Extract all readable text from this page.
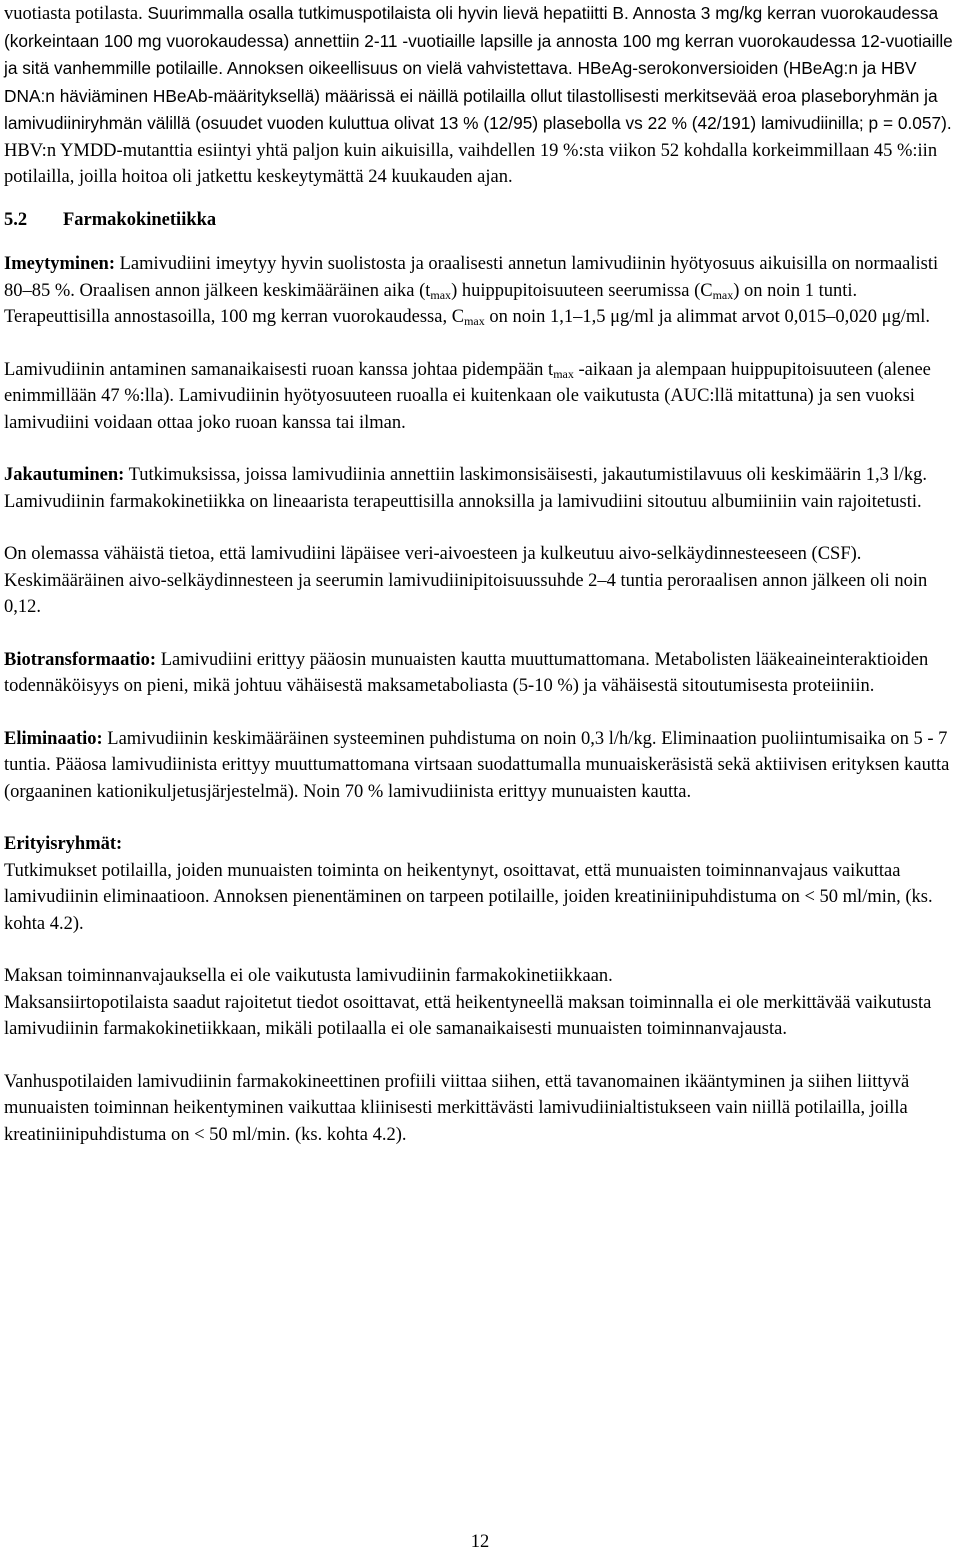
vuotiasta potilasta. Suurimmalla osalla tutkimuspotilaista oli hyvin lievä hepatiitti B. Annosta 3 mg/kg kerran vuorokaudessa (korkeintaan 100 mg vuorokaudessa) annettiin 2-11 -vuotiaille lapsille ja annosta 100 mg kerran vuorokaudessa 12-vuotiaille ja sitä vanhemmille potilaille. Annoksen oikeellisuus on vielä vahvistettava. HBeAg-serokonversioiden (HBeAg:n ja HBV DNA:n häviäminen HBeAb-määrityksellä) määrissä ei näillä potilailla ollut tilastollisesti merkitsevää eroa plaseboryhmän ja lamivudiiniryhmän välillä (osuudet vuoden kuluttua olivat 13 % (12/95) plasebolla vs 22 % (42/191) lamivudiinilla; p = 0.057). HBV:n YMDD-mutanttia esiintyi yhtä paljon kuin aikuisilla, vaihdellen 19 %:sta viikon 52 kohdalla korkeimmillaan 45 %:iin potilailla, joilla hoitoa oli jatkettu keskeytymättä 24 kuukauden ajan.

5.2 Farmakokinetiikka

Imeytyminen: Lamivudiini imeytyy hyvin suolistosta ja oraalisesti annetun lamivudiinin hyötyosuus aikuisilla on normaalisti 80–85 %. Oraalisen annon jälkeen keskimääräinen aika $(t_{max})$ huippupitoisuuteen seerumissa $(C_{max})$ on noin 1 tunti. Terapeuttisilla annostasoilla, 100 mg kerran vuorokaudessa, $C_{max}$ on noin 1,1–1,5 μg/ml ja alimmat arvot 0,015–0,020 μg/ml.

Lamivudiinin antaminen samanaikaisesti ruoan kanssa johtaa pidempään $t_{max}$ -aikaan ja alempaan huippupitoisuuteen (alenee enimmillään 47 %:lla). Lamivudiinin hyötyosuuteen ruoalla ei kuitenkaan ole vaikutusta (AUC:llä mitattuna) ja sen vuoksi lamivudiini voidaan ottaa joko ruoan kanssa tai ilman.

Jakautuminen: Tutkimuksissa, joissa lamivudiinia annettiin laskimonsisäisesti, jakautumistilavuus oli keskimäärin 1,3 l/kg. Lamivudiinin farmakokinetiikka on lineaarista terapeuttisilla annoksilla ja lamivudiini sitoutuu albumiiniin vain rajoitetusti.

On olemassa vähäistä tietoa, että lamivudiini läpäisee veri-aivoesteen ja kulkeutuu aivo-selkäydinnesteeseen (CSF). Keskimääräinen aivo-selkäydinnesteen ja seerumin lamivudiinipitoisuussuhde 2–4 tuntia peroraalisen annon jälkeen oli noin 0,12.

Biotransformaatio: Lamivudiini erittyy pääosin munuaisten kautta muuttumattomana. Metabolisten lääkeaineinteraktioiden todennäköisyys on pieni, mikä johtuu vähäisestä maksametaboliasta (5-10 %) ja vähäisestä sitoutumisesta proteiiniin.

Eliminaatio: Lamivudiinin keskimääräinen systeeminen puhdistuma on noin 0,3 l/h/kg. Eliminaation puoliintumisaika on 5 - 7 tuntia. Pääosa lamivudiinista erittyy muuttumattomana virtsaan suodattumalla munuaiskeräsistä sekä aktiivisen erityksen kautta (orgaaninen kationikuljetusjärjestelmä). Noin 70 % lamivudiinista erittyy munuaisten kautta.

Erityisryhmät:

Tutkimukset potilailla, joiden munuaisten toiminta on heikentynyt, osoittavat, että munuaisten toiminnanvajaus vaikuttaa lamivudiinin eliminaatioon. Annoksen pienentäminen on tarpeen potilaille, joiden kreatiniinipuhdistuma on < 50 ml/min, (ks. kohta 4.2).

Maksan toiminnanvajauksella ei ole vaikutusta lamivudiinin farmakokinetiikkaan.

Maksansiirtopotilaista saadut rajoitetut tiedot osoittavat, että heikentyneellä maksan toiminnalla ei ole merkittävää vaikutusta lamivudiinin farmakokinetiikkaan, mikäli potilaalla ei ole samanaikaisesti munuaisten toiminnanvajausta.

Vanhuspotilaiden lamivudiinin farmakokineettinen profiili viittaa siihen, että tavanomainen ikääntyminen ja siihen liittyvä munuaisten toiminnan heikentyminen vaikuttaa kliinisesti merkittävästi lamivudiinialtistukseen vain niillä potilailla, joilla kreatiniinipuhdistuma on < 50 ml/min. (ks. kohta 4.2).

12
